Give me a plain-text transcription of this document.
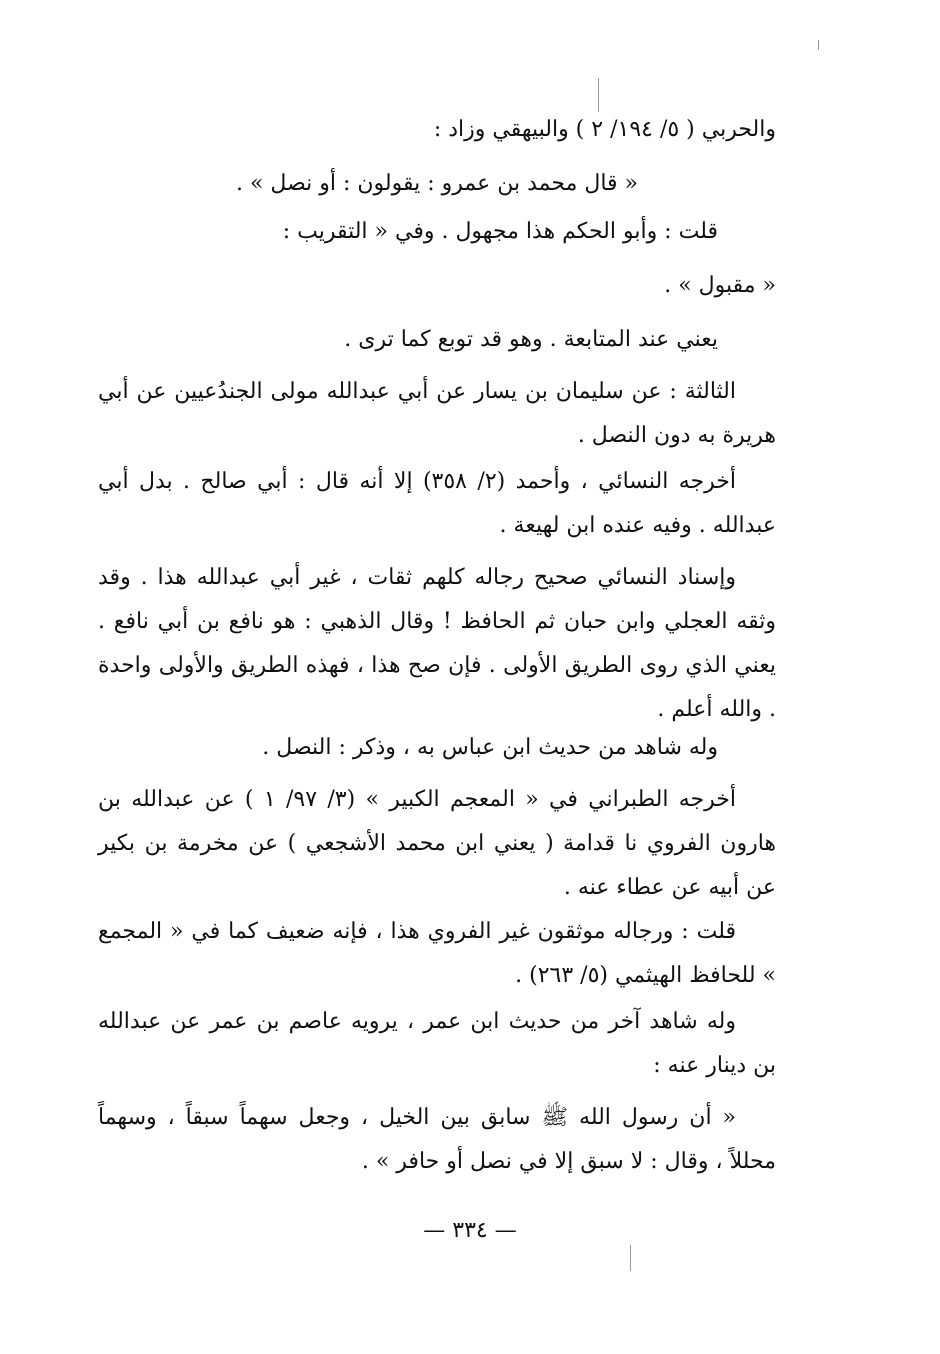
والحربي ( ٥/ ١٩٤/ ٢ ) والبيهقي وزاد :

« قال محمد بن عمرو : يقولون : أو نصل » .

قلت : وأبو الحكم هذا مجهول . وفي « التقريب :

« مقبول » .

يعني عند المتابعة . وهو قد توبع كما ترى .

الثالثة : عن سليمان بن يسار عن أبي عبدالله مولى الجندُعيين عن أبي هريرة به دون النصل .

أخرجه النسائي ، وأحمد (٢/ ٣٥٨) إلا أنه قال : أبي صالح . بدل أبي عبدالله . وفيه عنده ابن لهيعة .

وإسناد النسائي صحيح رجاله كلهم ثقات ، غير أبي عبدالله هذا . وقد وثقه العجلي وابن حبان ثم الحافظ ! وقال الذهبي : هو نافع بن أبي نافع . يعني الذي روى الطريق الأولى . فإن صح هذا ، فهذه الطريق والأولى واحدة . والله أعلم .

وله شاهد من حديث ابن عباس به ، وذكر : النصل .

أخرجه الطبراني في « المعجم الكبير » (٣/ ٩٧/ ١ ) عن عبدالله بن هارون الفروي نا قدامة ( يعني ابن محمد الأشجعي ) عن مخرمة بن بكير عن أبيه عن عطاء عنه .

قلت : ورجاله موثقون غير الفروي هذا ، فإنه ضعيف كما في « المجمع » للحافظ الهيثمي (٥/ ٢٦٣) .

وله شاهد آخر من حديث ابن عمر ، يرويه عاصم بن عمر عن عبدالله بن دينار عنه :

« أن رسول الله ﷺ سابق بين الخيل ، وجعل سهماً سبقاً ، وسهماً محللاً ، وقال : لا سبق إلا في نصل أو حافر » .

— ٣٣٤ —
